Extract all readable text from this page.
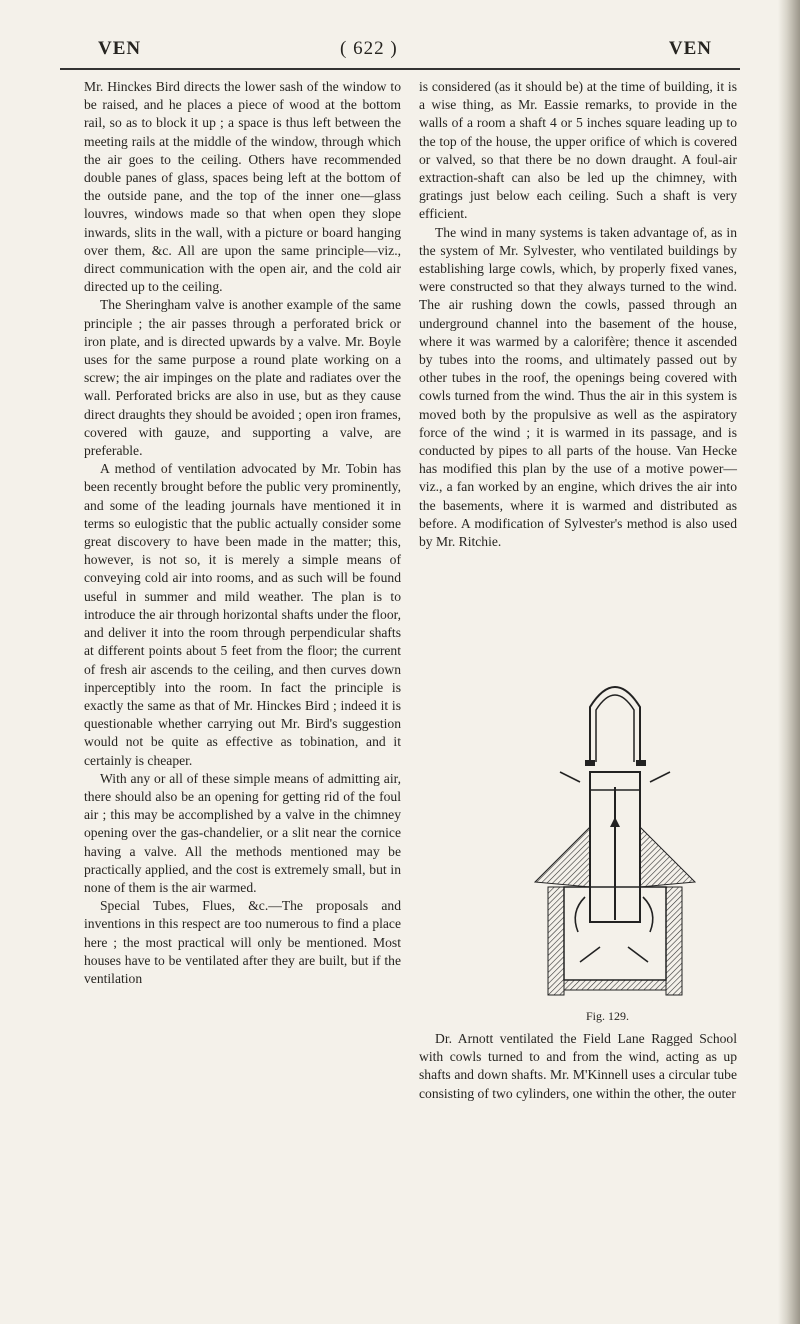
VEN	( 622 )	VEN

Mr. Hinckes Bird directs the lower sash of the window to be raised, and he places a piece of wood at the bottom rail, so as to block it up ; a space is thus left between the meeting rails at the middle of the window, through which the air goes to the ceiling. Others have recommended double panes of glass, spaces being left at the bottom of the outside pane, and the top of the inner one—glass louvres, windows made so that when open they slope inwards, slits in the wall, with a picture or board hanging over them, &c. All are upon the same principle—viz., direct communication with the open air, and the cold air directed up to the ceiling.

The Sheringham valve is another example of the same principle ; the air passes through a perforated brick or iron plate, and is directed upwards by a valve. Mr. Boyle uses for the same purpose a round plate working on a screw; the air impinges on the plate and radiates over the wall. Perforated bricks are also in use, but as they cause direct draughts they should be avoided ; open iron frames, covered with gauze, and supporting a valve, are preferable.

A method of ventilation advocated by Mr. Tobin has been recently brought before the public very prominently, and some of the leading journals have mentioned it in terms so eulogistic that the public actually consider some great discovery to have been made in the matter; this, however, is not so, it is merely a simple means of conveying cold air into rooms, and as such will be found useful in summer and mild weather. The plan is to introduce the air through horizontal shafts under the floor, and deliver it into the room through perpendicular shafts at different points about 5 feet from the floor; the current of fresh air ascends to the ceiling, and then curves down inperceptibly into the room. In fact the principle is exactly the same as that of Mr. Hinckes Bird ; indeed it is questionable whether carrying out Mr. Bird's suggestion would not be quite as effective as tobination, and it certainly is cheaper.

With any or all of these simple means of admitting air, there should also be an opening for getting rid of the foul air ; this may be accomplished by a valve in the chimney opening over the gas-chandelier, or a slit near the cornice having a valve. All the methods mentioned may be practically applied, and the cost is extremely small, but in none of them is the air warmed.

Special Tubes, Flues, &c.—The proposals and inventions in this respect are too numerous to find a place here ; the most practical will only be mentioned. Most houses have to be ventilated after they are built, but if the ventilation

is considered (as it should be) at the time of building, it is a wise thing, as Mr. Eassie remarks, to provide in the walls of a room a shaft 4 or 5 inches square leading up to the top of the house, the upper orifice of which is covered or valved, so that there be no down draught. A foul-air extraction-shaft can also be led up the chimney, with gratings just below each ceiling. Such a shaft is very efficient.

The wind in many systems is taken advantage of, as in the system of Mr. Sylvester, who ventilated buildings by establishing large cowls, which, by properly fixed vanes, were constructed so that they always turned to the wind. The air rushing down the cowls, passed through an underground channel into the basement of the house, where it was warmed by a calorifère; thence it ascended by tubes into the rooms, and ultimately passed out by other tubes in the roof, the openings being covered with cowls turned from the wind. Thus the air in this system is moved both by the propulsive as well as the aspiratory force of the wind ; it is warmed in its passage, and is conducted by pipes to all parts of the house. Van Hecke has modified this plan by the use of a motive power—viz., a fan worked by an engine, which drives the air into the basements, where it is warmed and distributed as before. A modification of Sylvester's method is also used by Mr. Ritchie.

Fig. 129.

Dr. Arnott ventilated the Field Lane Ragged School with cowls turned to and from the wind, acting as up shafts and down shafts. Mr. M'Kinnell uses a circular tube consisting of two cylinders, one within the other, the outer
